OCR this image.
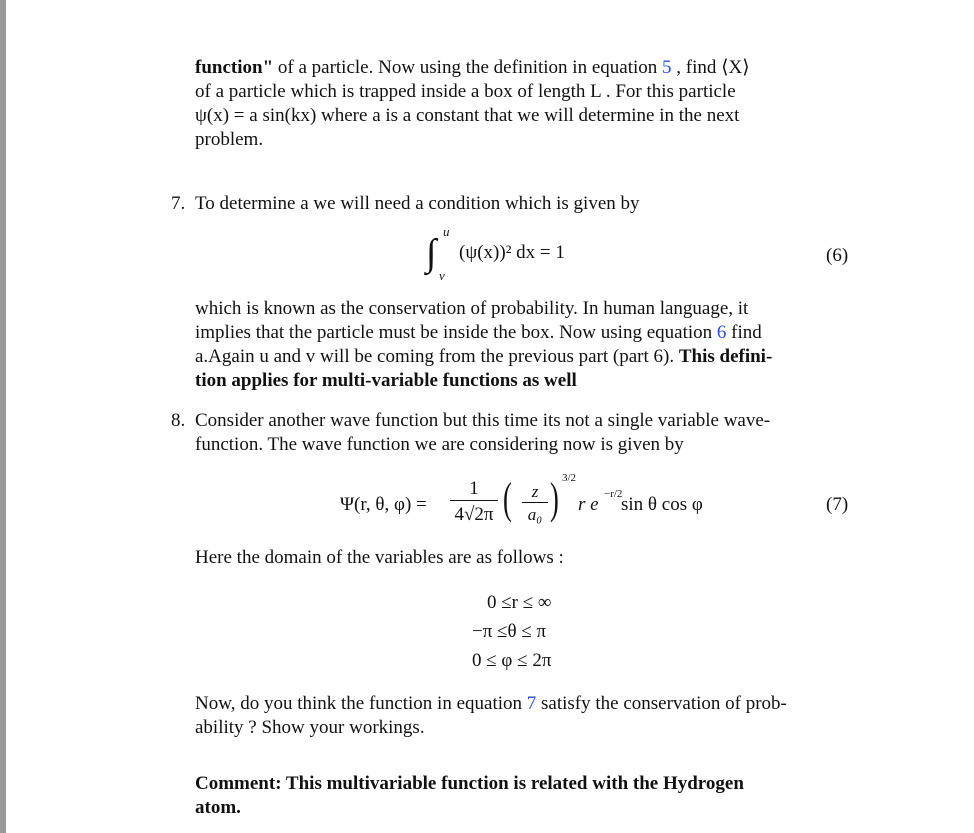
function" of a particle. Now using the definition in equation 5 , find ⟨X⟩
of a particle which is trapped inside a box of length L . For this particle
ψ(x) = a sin(kx) where a is a constant that we will determine in the next
problem.
7. To determine a we will need a condition which is given by
∫
u
v
(ψ(x))² dx = 1	(6)
which is known as the conservation of probability. In human language, it
implies that the particle must be inside the box. Now using equation 6 find
a.Again u and v will be coming from the previous part (part 6). This defini-
tion applies for multi-variable functions as well
8. Consider another wave function but this time its not a single variable wave-
function. The wave function we are considering now is given by
Ψ(r, θ, φ) =
1
4√2π (	z
a₀ ) 3/2
r e −r/2
sin θ cos φ	(7)
Here the domain of the variables are as follows :
0 ≤r ≤ ∞
−π ≤θ ≤ π
0 ≤ φ ≤ 2π
Now, do you think the function in equation 7 satisfy the conservation of prob-
ability ? Show your workings.
Comment: This multivariable function is related with the Hydrogen
atom.
